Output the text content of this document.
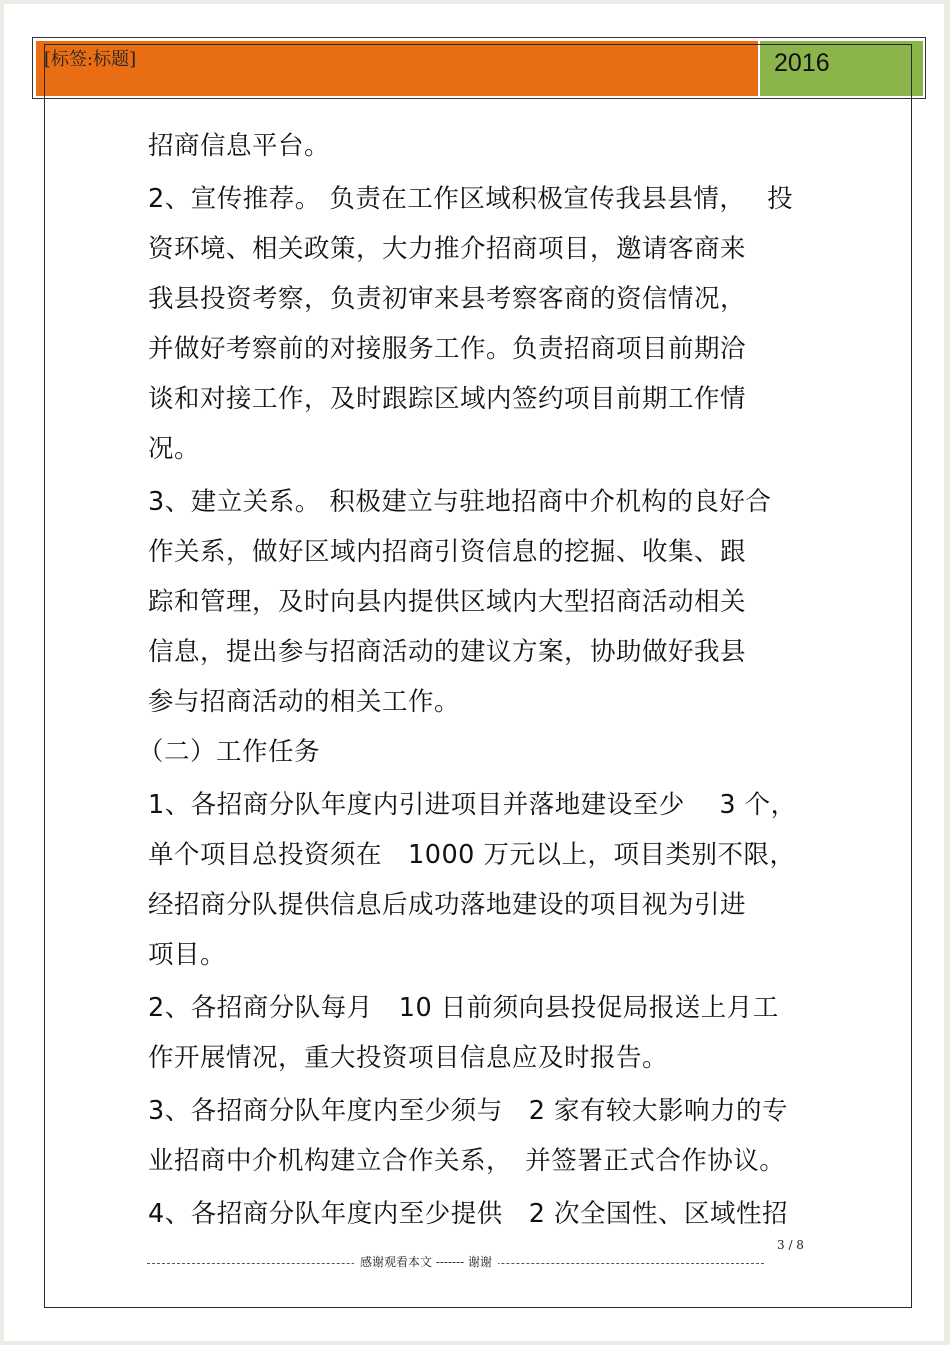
[标签:标题]	2016

招商信息平台。

2、宣传推荐。 负责在工作区域积极宣传我县县情，　 投

资环境、相关政策，大力推介招商项目，邀请客商来

我县投资考察，负责初审来县考察客商的资信情况，

并做好考察前的对接服务工作。负责招商项目前期洽

谈和对接工作，及时跟踪区域内签约项目前期工作情

况。

3、建立关系。 积极建立与驻地招商中介机构的良好合

作关系，做好区域内招商引资信息的挖掘、收集、跟

踪和管理，及时向县内提供区域内大型招商活动相关

信息，提出参与招商活动的建议方案，协助做好我县

参与招商活动的相关工作。

（二）工作任务

1、各招商分队年度内引进项目并落地建设至少　 3 个，

单个项目总投资须在　1000 万元以上，项目类别不限，

经招商分队提供信息后成功落地建设的项目视为引进

项目。

2、各招商分队每月　10 日前须向县投促局报送上月工

作开展情况，重大投资项目信息应及时报告。

3、各招商分队年度内至少须与　2 家有较大影响力的专

业招商中介机构建立合作关系，　并签署正式合作协议。

4、各招商分队年度内至少提供　2 次全国性、区域性招

3 / 8
感谢观看本文 ------- 谢谢
